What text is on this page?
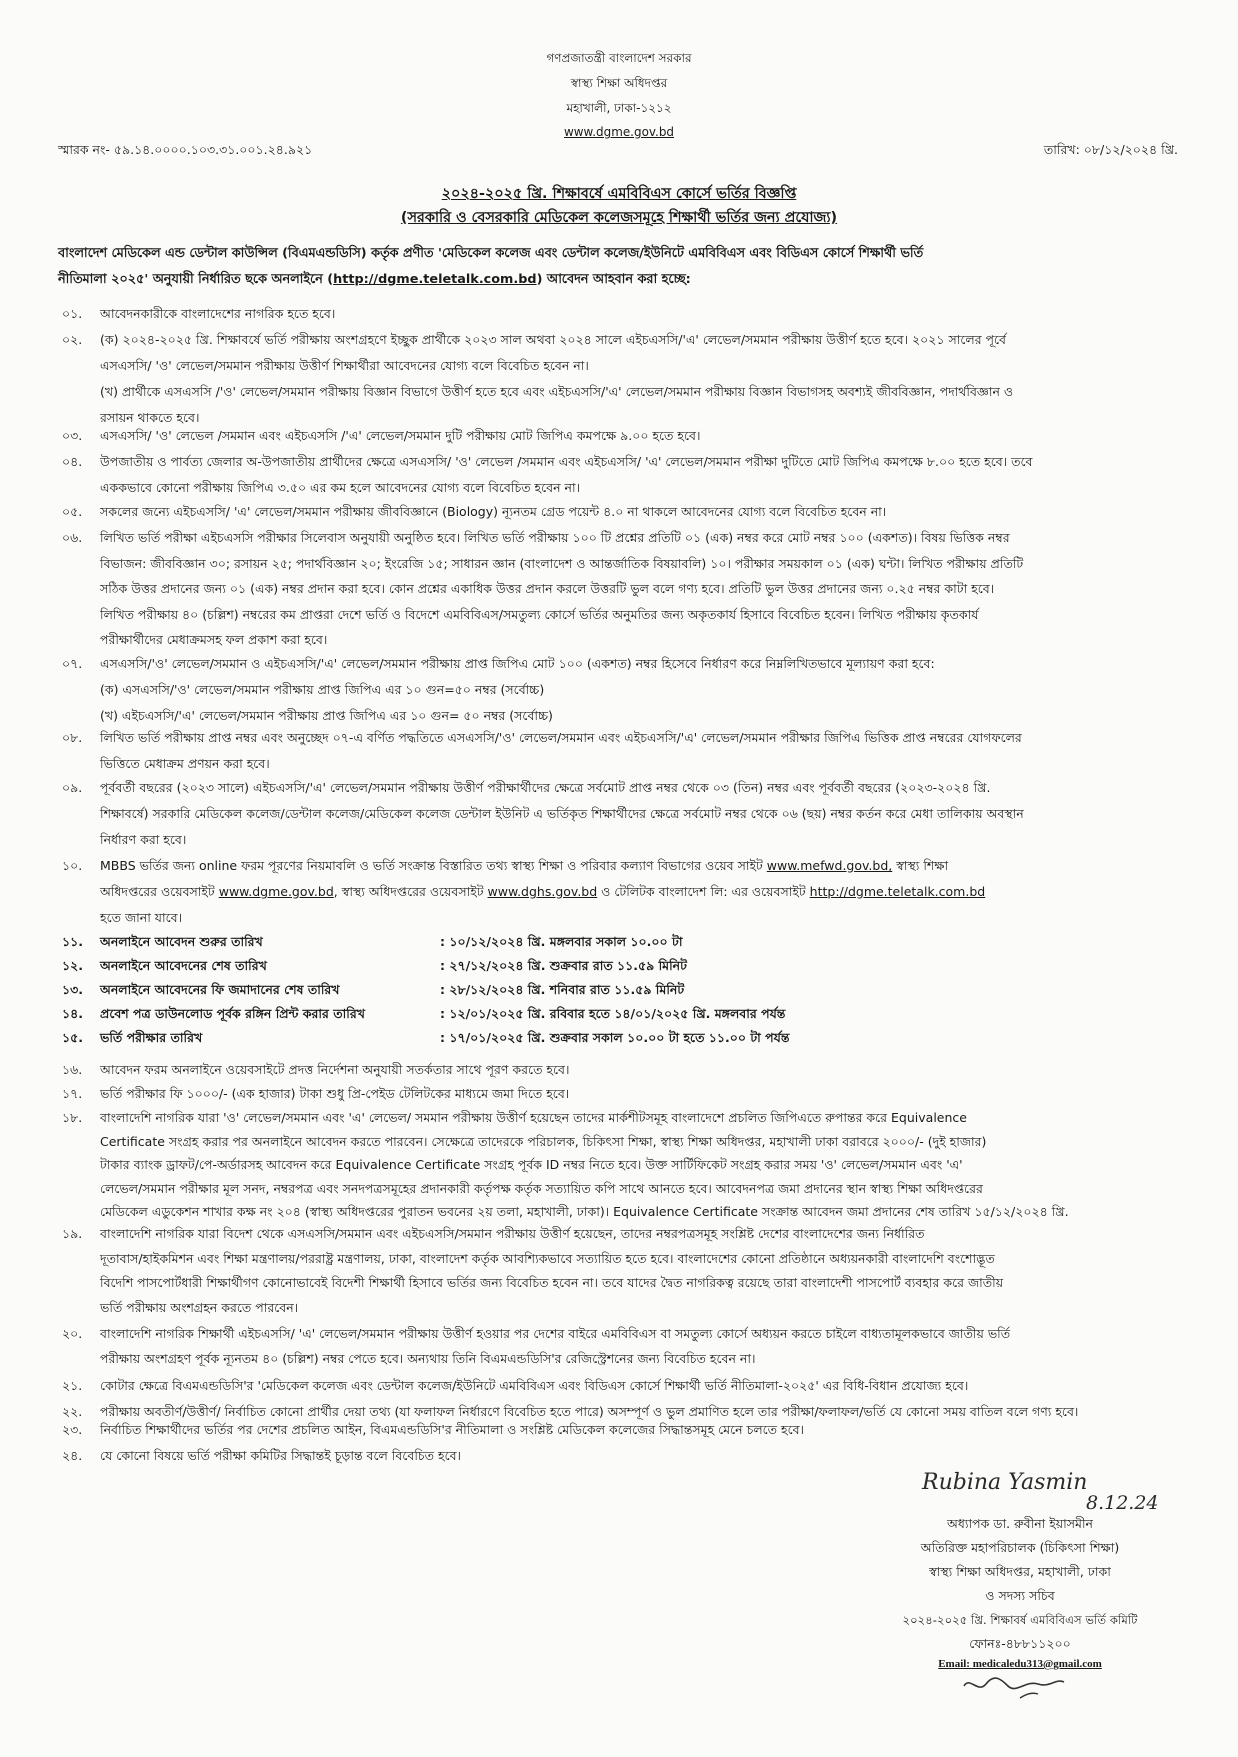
গণপ্রজাতন্ত্রী বাংলাদেশ সরকার
স্বাস্থ্য শিক্ষা অধিদপ্তর
মহাখালী, ঢাকা-১২১২
www.dgme.gov.bd
স্মারক নং- ৫৯.১৪.০০০০.১০৩.৩১.০০১.২৪.৯২১	তারিখ: ০৮/১২/২০২৪ খ্রি.
২০২৪-২০২৫ খ্রি. শিক্ষাবর্ষে এমবিবিএস কোর্সে ভর্তির বিজ্ঞপ্তি
(সরকারি ও বেসরকারি মেডিকেল কলেজসমূহে শিক্ষার্থী ভর্তির জন্য প্রযোজ্য)
বাংলাদেশ মেডিকেল এন্ড ডেন্টাল কাউন্সিল (বিএমএন্ডডিসি) কর্তৃক প্রণীত 'মেডিকেল কলেজ এবং ডেন্টাল কলেজ/ইউনিটে এমবিবিএস এবং বিডিএস কোর্সে শিক্ষার্থী ভর্তি
নীতিমালা ২০২৫' অনুযায়ী নির্ধারিত ছকে অনলাইনে (http://dgme.teletalk.com.bd) আবেদন আহবান করা হচ্ছে:
০১. আবেদনকারীকে বাংলাদেশের নাগরিক হতে হবে।
০২. (ক) ২০২৪-২০২৫ খ্রি. শিক্ষাবর্ষে ভর্তি পরীক্ষায় অংশগ্রহণে ইচ্ছুক প্রার্থীকে ২০২৩ সাল অথবা ২০২৪ সালে এইচএসসি/'এ' লেভেল/সমমান পরীক্ষায় উত্তীর্ণ হতে হবে। ২০২১ সালের পূর্বে
এসএসসি/ 'ও' লেভেল/সমমান পরীক্ষায় উত্তীর্ণ শিক্ষার্থীরা আবেদনের যোগ্য বলে বিবেচিত হবেন না।
(খ) প্রার্থীকে এসএসসি /'ও' লেভেল/সমমান পরীক্ষায় বিজ্ঞান বিভাগে উত্তীর্ণ হতে হবে এবং এইচএসসি/'এ' লেভেল/সমমান পরীক্ষায় বিজ্ঞান বিভাগসহ অবশ্যই জীববিজ্ঞান, পদার্থবিজ্ঞান ও
রসায়ন থাকতে হবে।
০৩. এসএসসি/ 'ও' লেভেল /সমমান এবং এইচএসসি /'এ' লেভেল/সমমান দুটি পরীক্ষায় মোট জিপিএ কমপক্ষে ৯.০০ হতে হবে।
০৪. উপজাতীয় ও পার্বত্য জেলার অ-উপজাতীয় প্রার্থীদের ক্ষেত্রে এসএসসি/ 'ও' লেভেল /সমমান এবং এইচএসসি/ 'এ' লেভেল/সমমান পরীক্ষা দুটিতে মোট জিপিএ কমপক্ষে ৮.০০ হতে হবে। তবে
এককভাবে কোনো পরীক্ষায় জিপিএ ৩.৫০ এর কম হলে আবেদনের যোগ্য বলে বিবেচিত হবেন না।
০৫. সকলের জন্যে এইচএসসি/ 'এ' লেভেল/সমমান পরীক্ষায় জীববিজ্ঞানে (Biology) ন্যূনতম গ্রেড পয়েন্ট ৪.০ না থাকলে আবেদনের যোগ্য বলে বিবেচিত হবেন না।
০৬. লিখিত ভর্তি পরীক্ষা এইচএসসি পরীক্ষার সিলেবাস অনুযায়ী অনুষ্ঠিত হবে। লিখিত ভর্তি পরীক্ষায় ১০০ টি প্রশ্নের প্রতিটি ০১ (এক) নম্বর করে মোট নম্বর ১০০ (একশত)। বিষয় ভিত্তিক নম্বর
বিভাজন: জীববিজ্ঞান ৩০; রসায়ন ২৫; পদার্থবিজ্ঞান ২০; ইংরেজি ১৫; সাধারন জ্ঞান (বাংলাদেশ ও আন্তর্জাতিক বিষয়াবলি) ১০। পরীক্ষার সময়কাল ০১ (এক) ঘন্টা। লিখিত পরীক্ষায় প্রতিটি
সঠিক উত্তর প্রদানের জন্য ০১ (এক) নম্বর প্রদান করা হবে। কোন প্রশ্নের একাধিক উত্তর প্রদান করলে উত্তরটি ভুল বলে গণ্য হবে। প্রতিটি ভুল উত্তর প্রদানের জন্য ০.২৫ নম্বর কাটা হবে।
লিখিত পরীক্ষায় ৪০ (চল্লিশ) নম্বরের কম প্রাপ্তরা দেশে ভর্তি ও বিদেশে এমবিবিএস/সমতুল্য কোর্সে ভর্তির অনুমতির জন্য অকৃতকার্য হিসাবে বিবেচিত হবেন। লিখিত পরীক্ষায় কৃতকার্য
পরীক্ষার্থীদের মেধাক্রমসহ ফল প্রকাশ করা হবে।
০৭. এসএসসি/'ও' লেভেল/সমমান ও এইচএসসি/'এ' লেভেল/সমমান পরীক্ষায় প্রাপ্ত জিপিএ মোট ১০০ (একশত) নম্বর হিসেবে নির্ধারণ করে নিম্নলিখিতভাবে মূল্যায়ণ করা হবে:
(ক) এসএসসি/'ও' লেভেল/সমমান পরীক্ষায় প্রাপ্ত জিপিএ এর ১০ গুন=৫০ নম্বর (সর্বোচ্চ)
(খ) এইচএসসি/'এ' লেভেল/সমমান পরীক্ষায় প্রাপ্ত জিপিএ এর ১০ গুন= ৫০ নম্বর (সর্বোচ্চ)
০৮. লিখিত ভর্তি পরীক্ষায় প্রাপ্ত নম্বর এবং অনুচ্ছেদ ০৭-এ বর্ণিত পদ্ধতিতে এসএসসি/'ও' লেভেল/সমমান এবং এইচএসসি/'এ' লেভেল/সমমান পরীক্ষার জিপিএ ভিত্তিক প্রাপ্ত নম্বরের যোগফলের
ভিত্তিতে মেধাক্রম প্রণয়ন করা হবে।
০৯. পূর্ববর্তী বছরের (২০২৩ সালে) এইচএসসি/'এ' লেভেল/সমমান পরীক্ষায় উত্তীর্ণ পরীক্ষার্থীদের ক্ষেত্রে সর্বমোট প্রাপ্ত নম্বর থেকে ০৩ (তিন) নম্বর এবং পূর্ববর্তী বছরের (২০২৩-২০২৪ খ্রি.
শিক্ষাবর্ষে) সরকারি মেডিকেল কলেজ/ডেন্টাল কলেজ/মেডিকেল কলেজ ডেন্টাল ইউনিট এ ভর্তিকৃত শিক্ষার্থীদের ক্ষেত্রে সর্বমোট নম্বর থেকে ০৬ (ছয়) নম্বর কর্তন করে মেধা তালিকায় অবস্থান
নির্ধারণ করা হবে।
১০. MBBS ভর্তির জন্য online ফরম পূরণের নিয়মাবলি ও ভর্তি সংক্রান্ত বিস্তারিত তথ্য স্বাস্থ্য শিক্ষা ও পরিবার কল্যাণ বিভাগের ওয়েব সাইট www.mefwd.gov.bd, স্বাস্থ্য শিক্ষা
অধিদপ্তরের ওয়েবসাইট www.dgme.gov.bd, স্বাস্থ্য অধিদপ্তরের ওয়েবসাইট www.dghs.gov.bd ও টেলিটক বাংলাদেশ লি: এর ওয়েবসাইট http://dgme.teletalk.com.bd
হতে জানা যাবে।
১১. অনলাইনে আবেদন শুরুর তারিখ	: ১০/১২/২০২৪ খ্রি. মঙ্গলবার সকাল ১০.০০ টা
১২. অনলাইনে আবেদনের শেষ তারিখ	: ২৭/১২/২০২৪ খ্রি. শুক্রবার রাত ১১.৫৯ মিনিট
১৩. অনলাইনে আবেদনের ফি জমাদানের শেষ তারিখ	: ২৮/১২/২০২৪ খ্রি. শনিবার রাত ১১.৫৯ মিনিট
১৪. প্রবেশ পত্র ডাউনলোড পূর্বক রঙ্গিন প্রিন্ট করার তারিখ	: ১২/০১/২০২৫ খ্রি. রবিবার হতে ১৪/০১/২০২৫ খ্রি. মঙ্গলবার পর্যন্ত
১৫. ভর্তি পরীক্ষার তারিখ	: ১৭/০১/২০২৫ খ্রি. শুক্রবার সকাল ১০.০০ টা হতে ১১.০০ টা পর্যন্ত
১৬. আবেদন ফরম অনলাইনে ওয়েবসাইটে প্রদত্ত নির্দেশনা অনুযায়ী সতর্কতার সাথে পূরণ করতে হবে।
১৭. ভর্তি পরীক্ষার ফি ১০০০/- (এক হাজার) টাকা শুধু প্রি-পেইড টেলিটকের মাধ্যমে জমা দিতে হবে।
১৮. বাংলাদেশি নাগরিক যারা 'ও' লেভেল/সমমান এবং 'এ' লেভেল/ সমমান পরীক্ষায় উত্তীর্ণ হয়েছেন তাদের মার্কশীটসমূহ বাংলাদেশে প্রচলিত জিপিএতে রুপান্তর করে Equivalence
Certificate সংগ্রহ করার পর অনলাইনে আবেদন করতে পারবেন। সেক্ষেত্রে তাদেরকে পরিচালক, চিকিৎসা শিক্ষা, স্বাস্থ্য শিক্ষা অধিদপ্তর, মহাখালী ঢাকা বরাবরে ২০০০/- (দুই হাজার)
টাকার ব্যাংক ড্রাফট/পে-অর্ডারসহ আবেদন করে Equivalence Certificate সংগ্রহ পূর্বক ID নম্বর নিতে হবে। উক্ত সার্টিফিকেট সংগ্রহ করার সময় 'ও' লেভেল/সমমান এবং 'এ'
লেভেল/সমমান পরীক্ষার মূল সনদ, নম্বরপত্র এবং সনদপত্রসমূহের প্রদানকারী কর্তৃপক্ষ কর্তৃক সত্যায়িত কপি সাথে আনতে হবে। আবেদনপত্র জমা প্রদানের স্থান স্বাস্থ্য শিক্ষা অধিদপ্তরের
মেডিকেল এডুকেশন শাখার কক্ষ নং ২০৪ (স্বাস্থ্য অধিদপ্তরের পুরাতন ভবনের ২য় তলা, মহাখালী, ঢাকা)। Equivalence Certificate সংক্রান্ত আবেদন জমা প্রদানের শেষ তারিখ ১৫/১২/২০২৪ খ্রি.
১৯. বাংলাদেশি নাগরিক যারা বিদেশ থেকে এসএসসি/সমমান এবং এইচএসসি/সমমান পরীক্ষায় উত্তীর্ণ হয়েছেন, তাদের নম্বরপত্রসমূহ সংশ্লিষ্ট দেশের বাংলাদেশের জন্য নির্ধারিত
দূতাবাস/হাইকমিশন এবং শিক্ষা মন্ত্রণালয়/পররাষ্ট্র মন্ত্রণালয়, ঢাকা, বাংলাদেশ কর্তৃক আবশ্যিকভাবে সত্যায়িত হতে হবে। বাংলাদেশের কোনো প্রতিষ্ঠানে অধ্যয়নকারী বাংলাদেশি বংশোদ্ভূত
বিদেশি পাসপোর্টধারী শিক্ষার্থীগণ কোনোভাবেই বিদেশী শিক্ষার্থী হিসাবে ভর্তির জন্য বিবেচিত হবেন না। তবে যাদের দ্বৈত নাগরিকত্ব রয়েছে তারা বাংলাদেশী পাসপোর্ট ব্যবহার করে জাতীয়
ভর্তি পরীক্ষায় অংশগ্রহন করতে পারবেন।
২০. বাংলাদেশি নাগরিক শিক্ষার্থী এইচএসসি/ 'এ' লেভেল/সমমান পরীক্ষায় উত্তীর্ণ হওয়ার পর দেশের বাইরে এমবিবিএস বা সমতুল্য কোর্সে অধ্যয়ন করতে চাইলে বাধ্যতামূলকভাবে জাতীয় ভর্তি
পরীক্ষায় অংশগ্রহণ পূর্বক ন্যূনতম ৪০ (চল্লিশ) নম্বর পেতে হবে। অন্যথায় তিনি বিএমএন্ডডিসি'র রেজিস্ট্রেশনের জন্য বিবেচিত হবেন না।
২১. কোটার ক্ষেত্রে বিএমএন্ডডিসি'র 'মেডিকেল কলেজ এবং ডেন্টাল কলেজ/ইউনিটে এমবিবিএস এবং বিডিএস কোর্সে শিক্ষার্থী ভর্তি নীতিমালা-২০২৫' এর বিধি-বিধান প্রযোজ্য হবে।
২২. পরীক্ষায় অবতীর্ণ/উত্তীর্ণ/ নির্বাচিত কোনো প্রার্থীর দেয়া তথ্য (যা ফলাফল নির্ধারণে বিবেচিত হতে পারে) অসম্পূর্ণ ও ভুল প্রমাণিত হলে তার পরীক্ষা/ফলাফল/ভর্তি যে কোনো সময় বাতিল বলে গণ্য হবে।
২৩. নির্বাচিত শিক্ষার্থীদের ভর্তির পর দেশের প্রচলিত আইন, বিএমএন্ডডিসি'র নীতিমালা ও সংশ্লিষ্ট মেডিকেল কলেজের সিদ্ধান্তসমূহ মেনে চলতে হবে।
২৪. যে কোনো বিষয়ে ভর্তি পরীক্ষা কমিটির সিদ্ধান্তই চূড়ান্ত বলে বিবেচিত হবে।
Rubina Yasmin
8.12.24
অধ্যাপক ডা. রুবীনা ইয়াসমীন
অতিরিক্ত মহাপরিচালক (চিকিৎসা শিক্ষা)
স্বাস্থ্য শিক্ষা অধিদপ্তর, মহাখালী, ঢাকা
ও সদস্য সচিব
২০২৪-২০২৫ খ্রি. শিক্ষাবর্ষ এমবিবিএস ভর্তি কমিটি
ফোনঃ-৪৮৮১১২০০
Email: medicaledu313@gmail.com
